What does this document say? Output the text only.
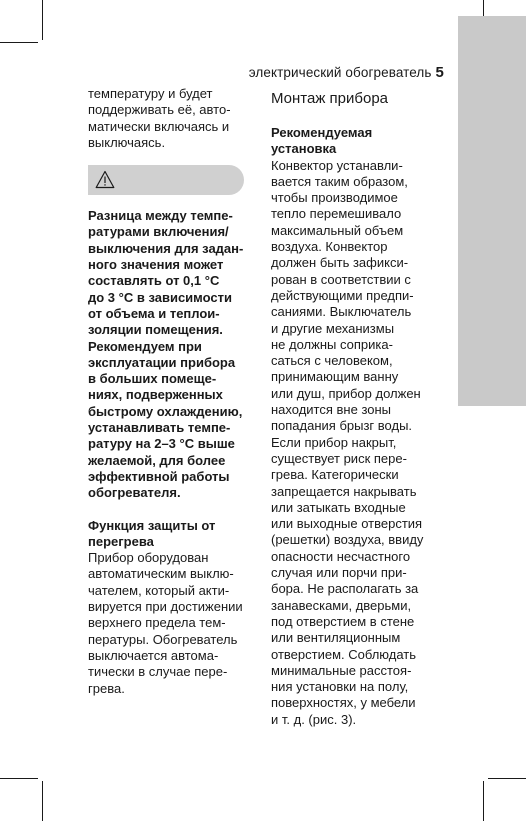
электрический обогреватель 5
температуру и будет
поддерживать её, авто-
матически включаясь и
выключаясь.
Разница между темпе-
ратурами включения/
выключения для задан-
ного значения может
составлять от 0,1 °C
до 3 °C в зависимости
от объема и теплои-
золяции помещения.
Рекомендуем при
эксплуатации прибора
в больших помеще-
ниях, подверженных
быстрому охлаждению,
устанавливать темпе-
ратуру на 2–3 °C выше
желаемой, для более
эффективной работы
обогревателя.
Функция защиты от
перегрева
Прибор оборудован
автоматическим выклю-
чателем, который акти-
вируется при достижении
верхнего предела тем-
пературы. Обогреватель
выключается автома-
тически в случае пере-
грева.
Монтаж прибора
Рекомендуемая
установка
Конвектор устанавли-
вается таким образом,
чтобы производимое
тепло перемешивало
максимальный объем
воздуха. Конвектор
должен быть зафикси-
рован в соответствии с
действующими предпи-
саниями. Выключатель
и другие механизмы
не должны соприка-
саться с человеком,
принимающим ванну
или душ, прибор должен
находится вне зоны
попадания брызг воды.
Если прибор накрыт,
существует риск пере-
грева. Категорически
запрещается накрывать
или затыкать входные
или выходные отверстия
(решетки) воздуха, ввиду
опасности несчастного
случая или порчи при-
бора. Не располагать за
занавесками, дверьми,
под отверстием в стене
или вентиляционным
отверстием. Соблюдать
минимальные расстоя-
ния установки на полу,
поверхностях, у мебели
и т. д. (рис. 3).
